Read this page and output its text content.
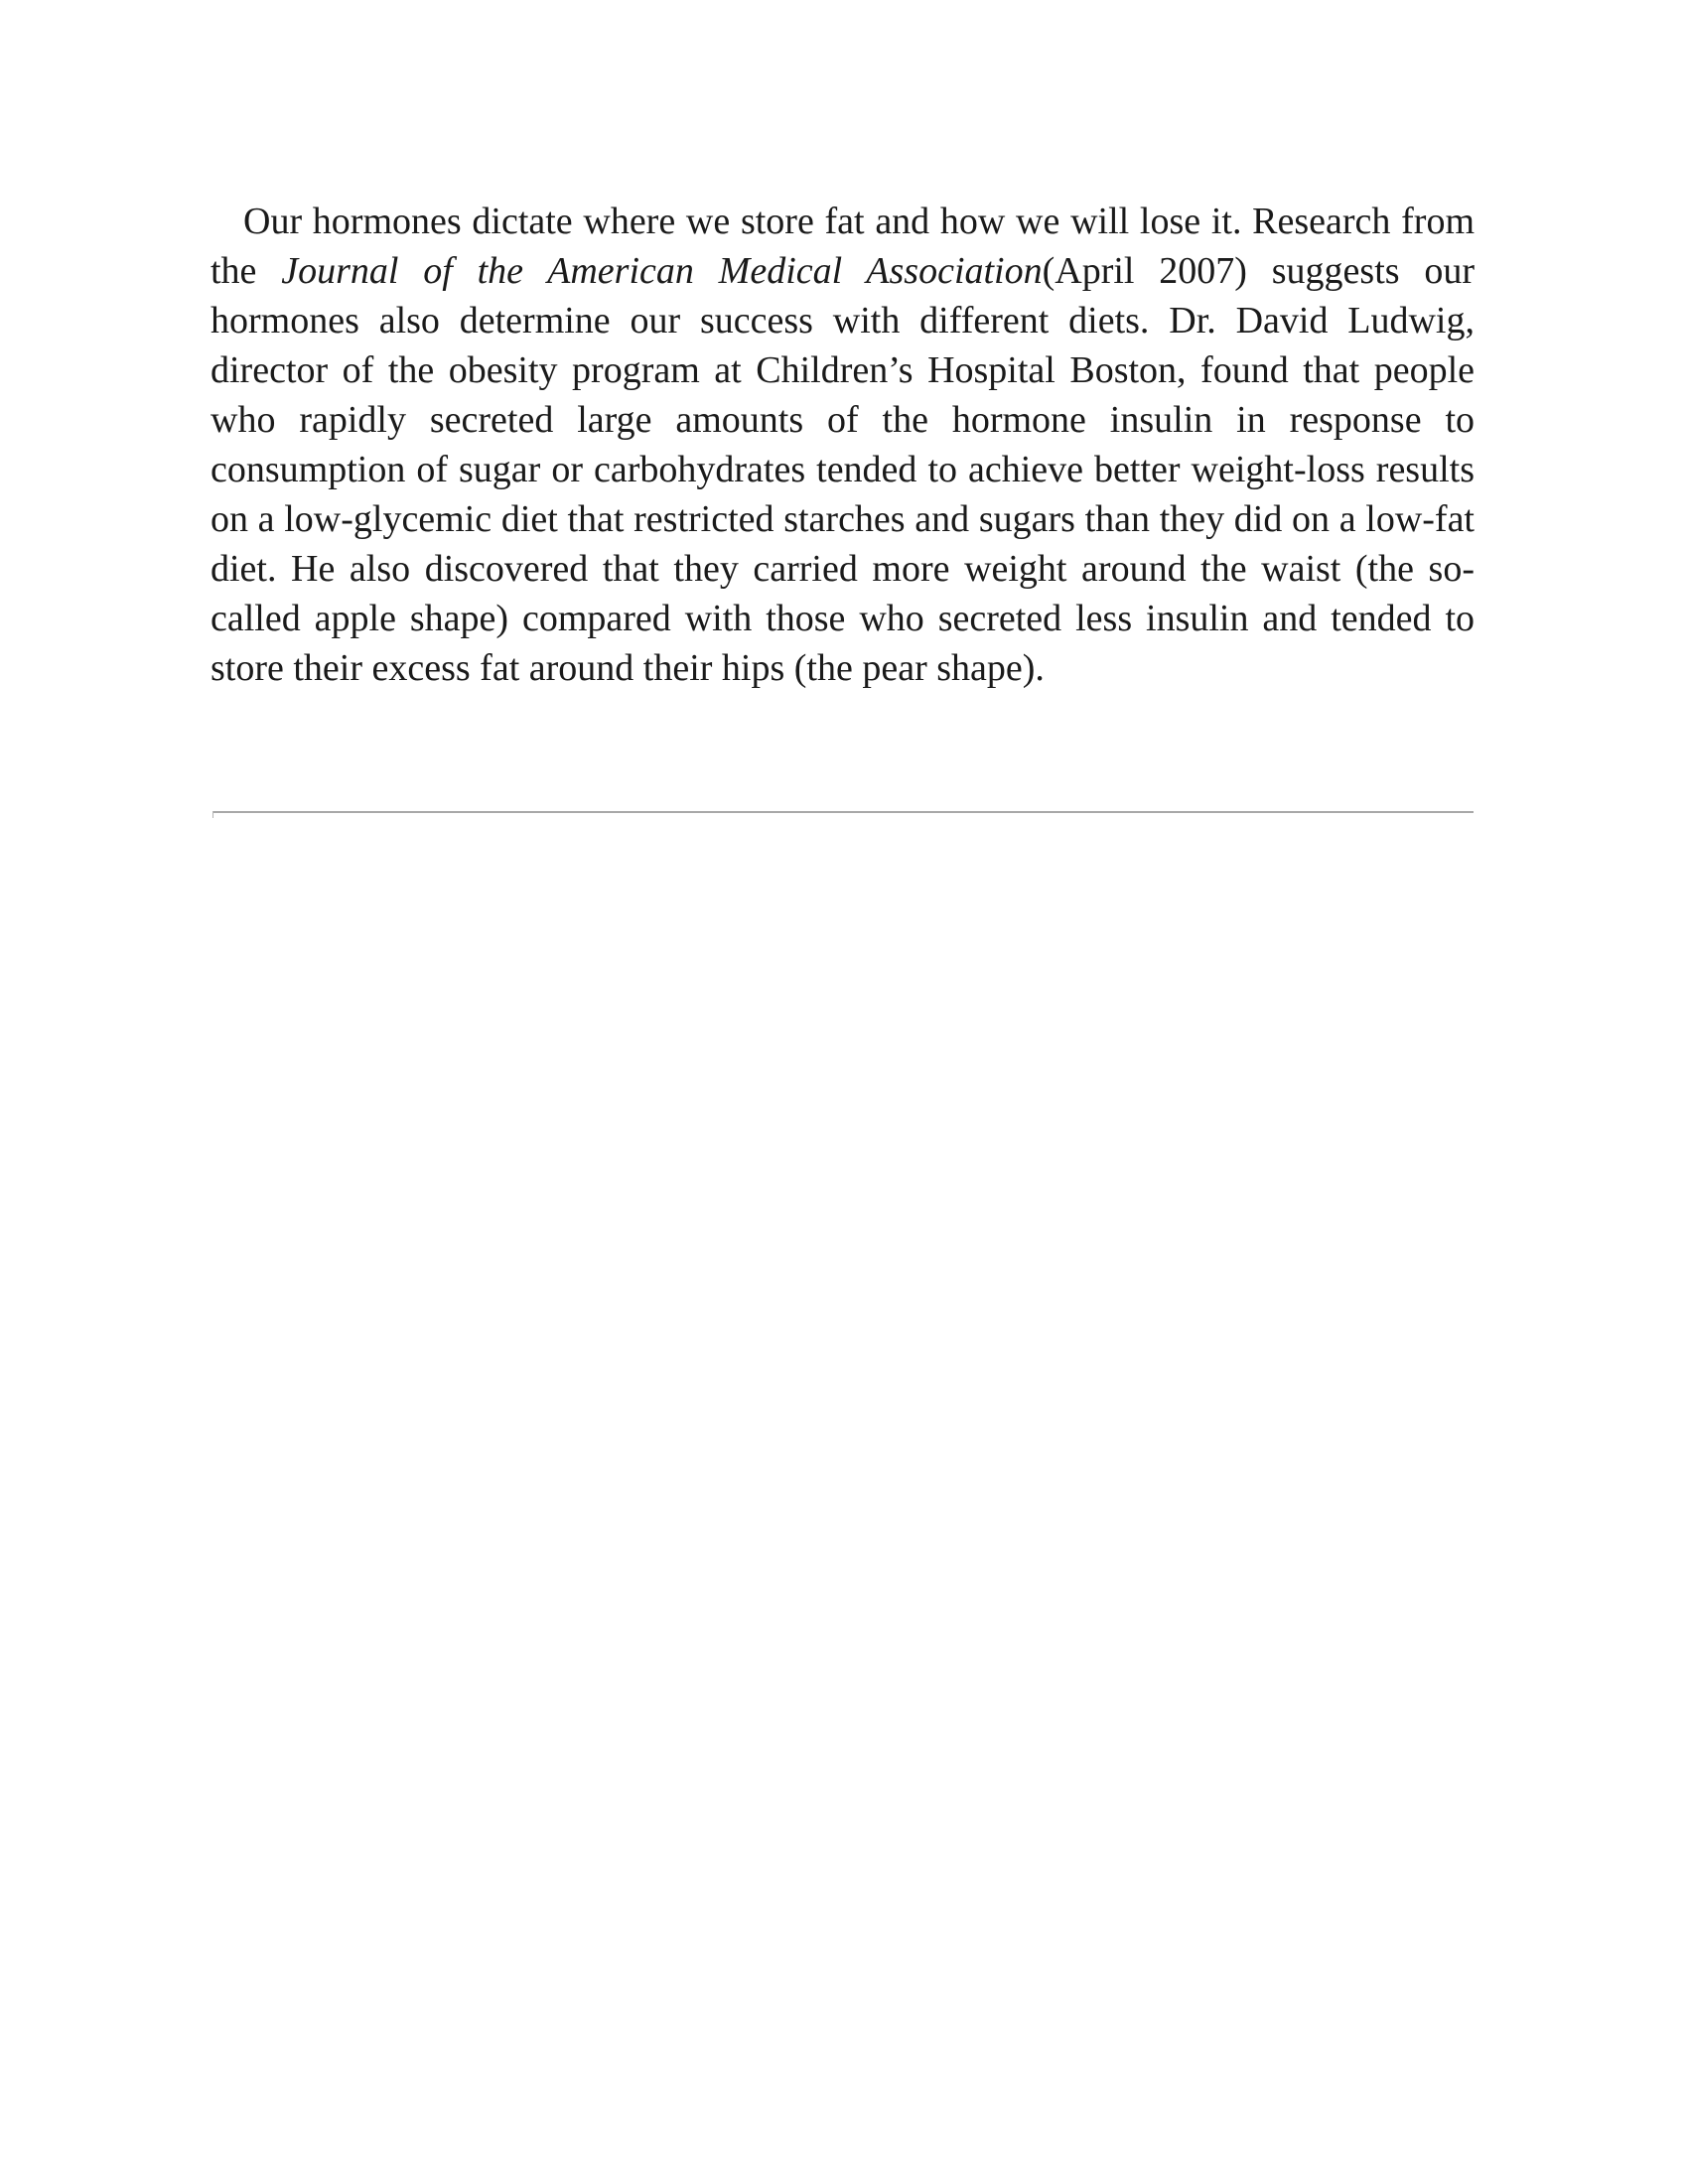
Our hormones dictate where we store fat and how we will lose it. Research from the Journal of the American Medical Association(April 2007) suggests our hormones also determine our success with different diets. Dr. David Ludwig, director of the obesity program at Children’s Hospital Boston, found that people who rapidly secreted large amounts of the hormone insulin in response to consumption of sugar or carbohydrates tended to achieve better weight-loss results on a low-glycemic diet that restricted starches and sugars than they did on a low-fat diet. He also discovered that they carried more weight around the waist (the so-called apple shape) compared with those who secreted less insulin and tended to store their excess fat around their hips (the pear shape).
